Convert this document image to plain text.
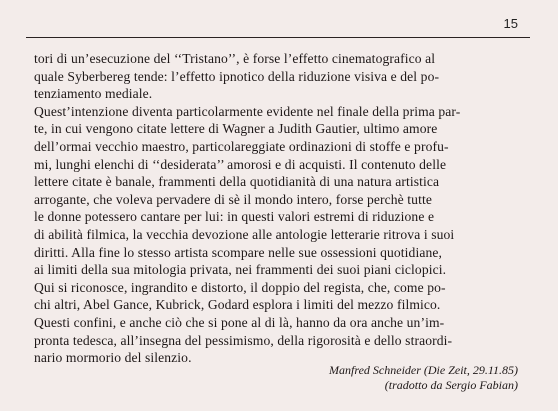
15
tori di un’esecuzione del ‘‘Tristano’’, è forse l’effetto cinematografico al
quale Syberbereg tende: l’effetto ipnotico della riduzione visiva e del po-
tenziamento mediale.
Quest’intenzione diventa particolarmente evidente nel finale della prima par-
te, in cui vengono citate lettere di Wagner a Judith Gautier, ultimo amore
dell’ormai vecchio maestro, particolareggiate ordinazioni di stoffe e profu-
mi, lunghi elenchi di ‘‘desiderata’’ amorosi e di acquisti. Il contenuto delle
lettere citate è banale, frammenti della quotidianità di una natura artistica
arrogante, che voleva pervadere di sè il mondo intero, forse perchè tutte
le donne potessero cantare per lui: in questi valori estremi di riduzione e
di abilità filmica, la vecchia devozione alle antologie letterarie ritrova i suoi
diritti. Alla fine lo stesso artista scompare nelle sue ossessioni quotidiane,
ai limiti della sua mitologia privata, nei frammenti dei suoi piani ciclopici.
Qui si riconosce, ingrandito e distorto, il doppio del regista, che, come po-
chi altri, Abel Gance, Kubrick, Godard esplora i limiti del mezzo filmico.
Questi confini, e anche ciò che si pone al di là, hanno da ora anche un’im-
pronta tedesca, all’insegna del pessimismo, della rigorosità e dello straordi-
nario mormorio del silenzio.
Manfred Schneider (Die Zeit, 29.11.85)
(tradotto da Sergio Fabian)
